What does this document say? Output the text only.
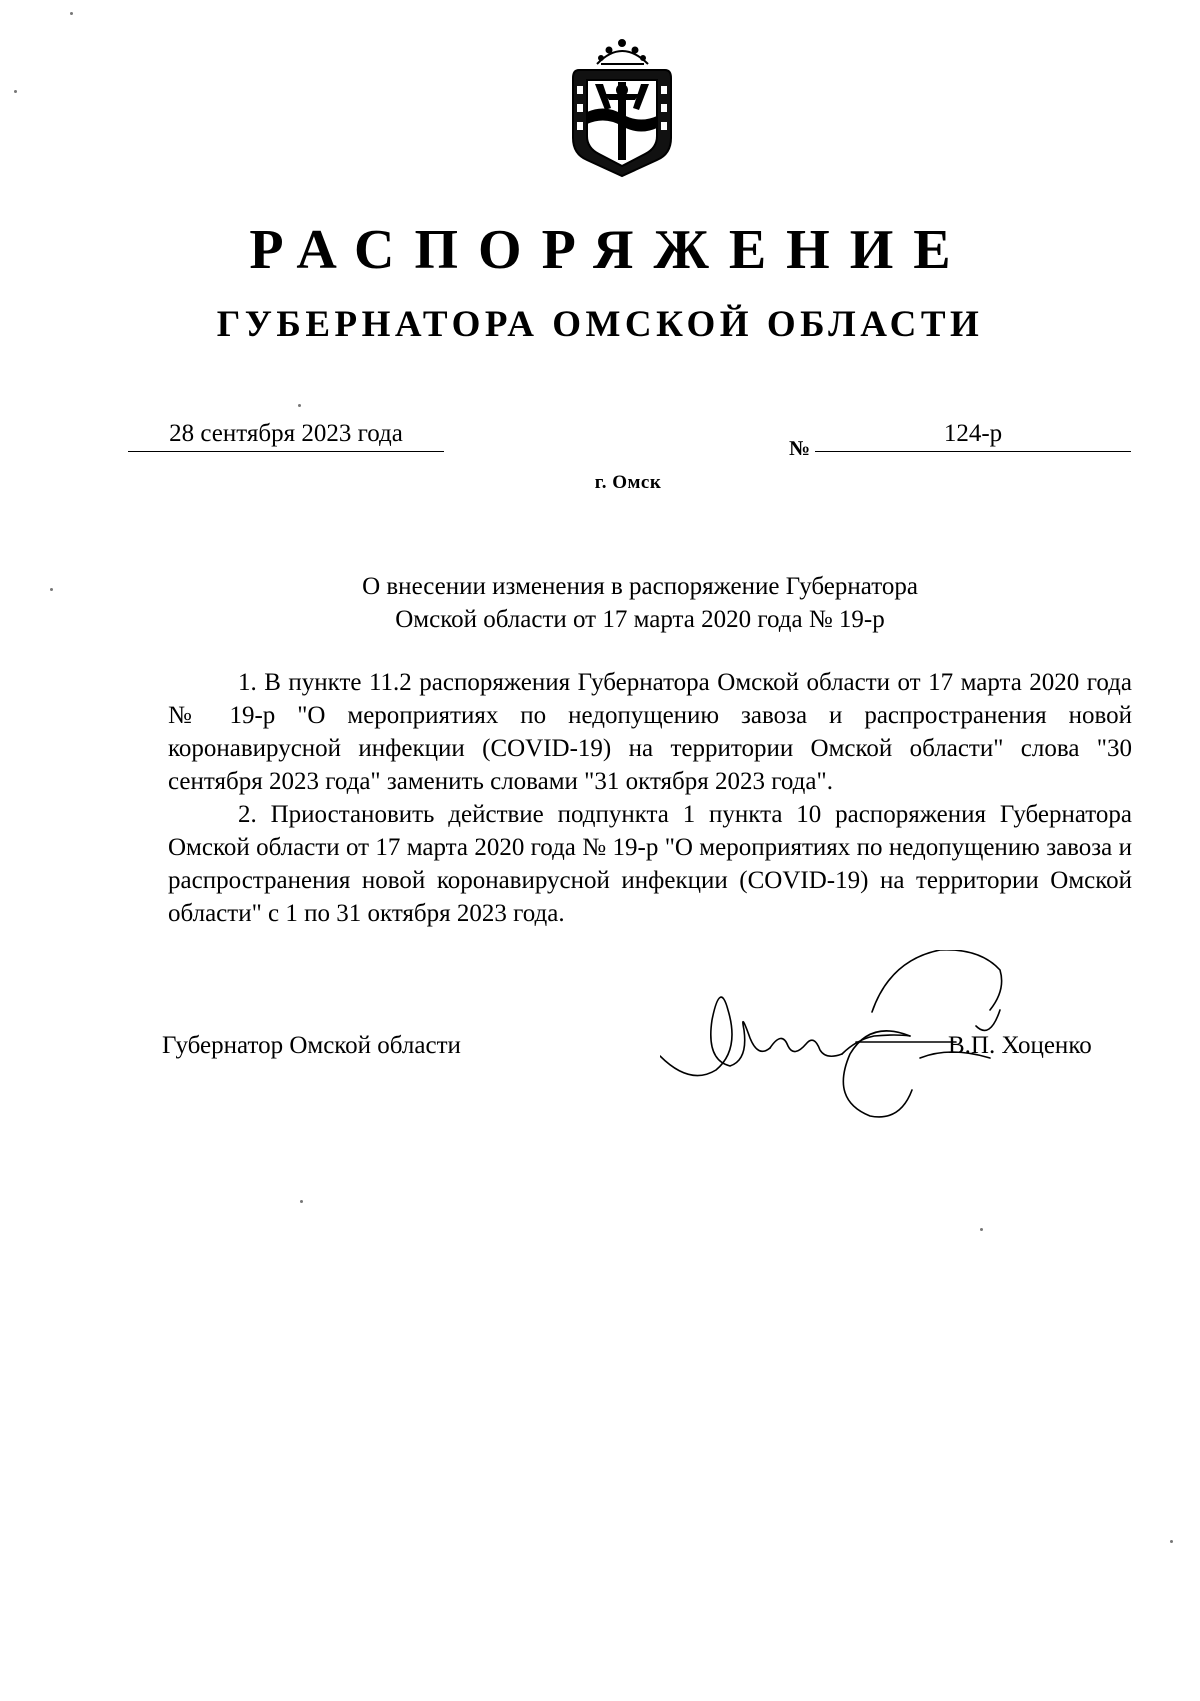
РАСПОРЯЖЕНИЕ
ГУБЕРНАТОРА ОМСКОЙ ОБЛАСТИ
28 сентября 2023 года
№
124-р
г. Омск
О внесении изменения в распоряжение Губернатора
Омской области от 17 марта 2020 года № 19-р

1. В пункте 11.2 распоряжения Губернатора Омской области от 17 марта 2020 года № 19-р "О мероприятиях по недопущению завоза и распространения новой коронавирусной инфекции (COVID-19) на территории Омской области" слова "30 сентября 2023 года" заменить словами "31 октября 2023 года".

2. Приостановить действие подпункта 1 пункта 10 распоряжения Губернатора Омской области от 17 марта 2020 года № 19-р "О мероприятиях по недопущению завоза и распространения новой коронавирусной инфекции (COVID-19) на территории Омской области" с 1 по 31 октября 2023 года.

Губернатор Омской области	В.П. Хоценко
